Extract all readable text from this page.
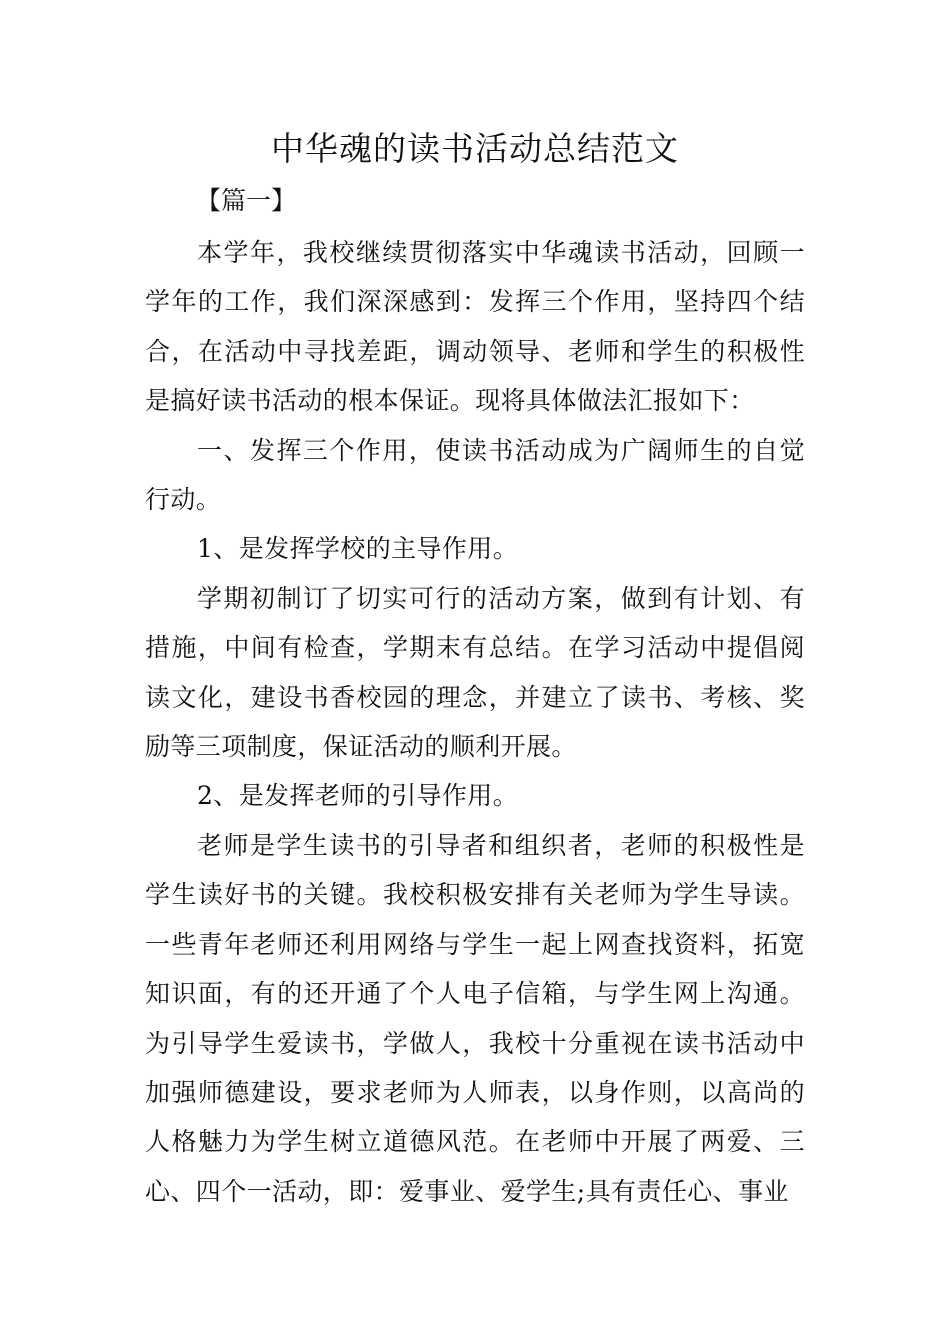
中华魂的读书活动总结范文
【篇一】

本学年，我校继续贯彻落实中华魂读书活动，回顾一学年的工作，我们深深感到：发挥三个作用，坚持四个结合，在活动中寻找差距，调动领导、老师和学生的积极性是搞好读书活动的根本保证。现将具体做法汇报如下：

一、发挥三个作用，使读书活动成为广阔师生的自觉行动。

1、是发挥学校的主导作用。

学期初制订了切实可行的活动方案，做到有计划、有措施，中间有检查，学期末有总结。在学习活动中提倡阅读文化，建设书香校园的理念，并建立了读书、考核、奖励等三项制度，保证活动的顺利开展。

2、是发挥老师的引导作用。

老师是学生读书的引导者和组织者，老师的积极性是学生读好书的关键。我校积极安排有关老师为学生导读。一些青年老师还利用网络与学生一起上网查找资料，拓宽知识面，有的还开通了个人电子信箱，与学生网上沟通。为引导学生爱读书，学做人，我校十分重视在读书活动中加强师德建设，要求老师为人师表，以身作则，以高尚的人格魅力为学生树立道德风范。在老师中开展了两爱、三心、四个一活动，即：爱事业、爱学生;具有责任心、事业
